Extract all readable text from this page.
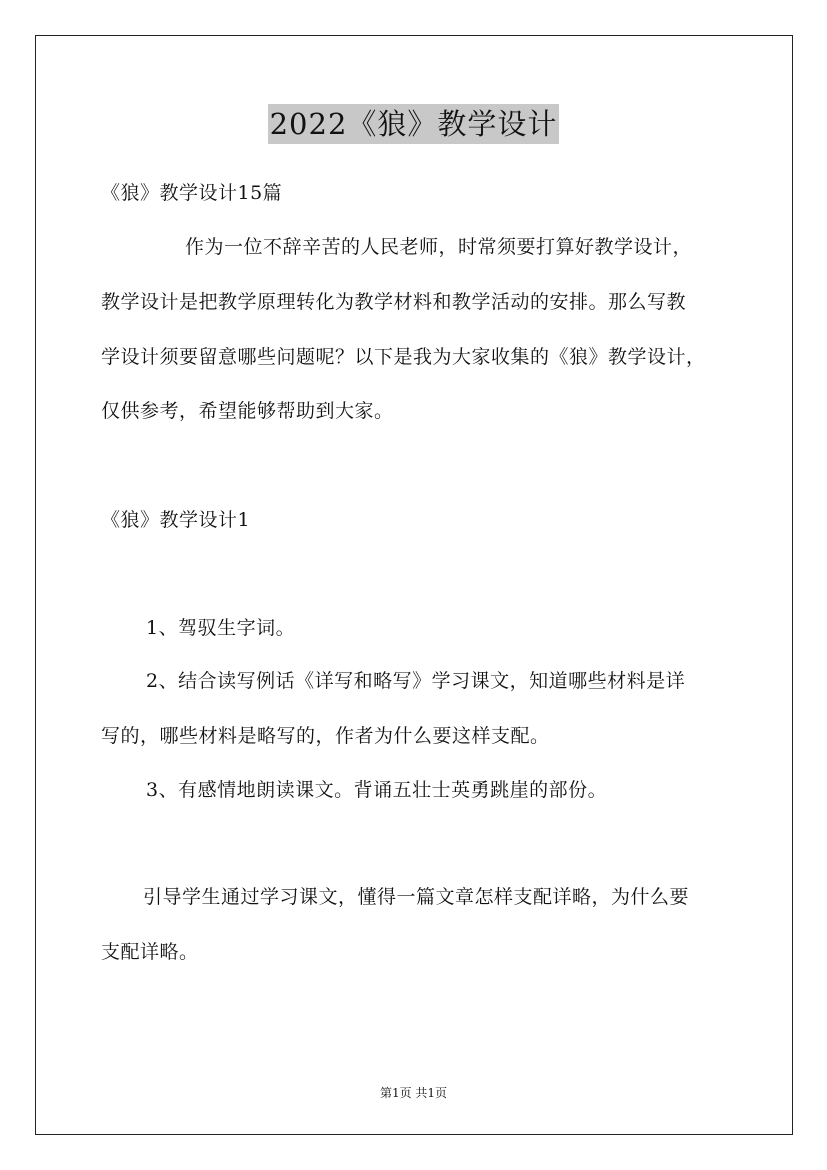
2022《狼》教学设计
《狼》教学设计15篇
作为一位不辞辛苦的人民老师，时常须要打算好教学设计，
教学设计是把教学原理转化为教学材料和教学活动的安排。那么写教
学设计须要留意哪些问题呢？以下是我为大家收集的《狼》教学设计，
仅供参考，希望能够帮助到大家。
《狼》教学设计1
1、驾驭生字词。
2、结合读写例话《详写和略写》学习课文，知道哪些材料是详
写的，哪些材料是略写的，作者为什么要这样支配。
3、有感情地朗读课文。背诵五壮士英勇跳崖的部份。
引导学生通过学习课文，懂得一篇文章怎样支配详略，为什么要
支配详略。
第1页 共1页
